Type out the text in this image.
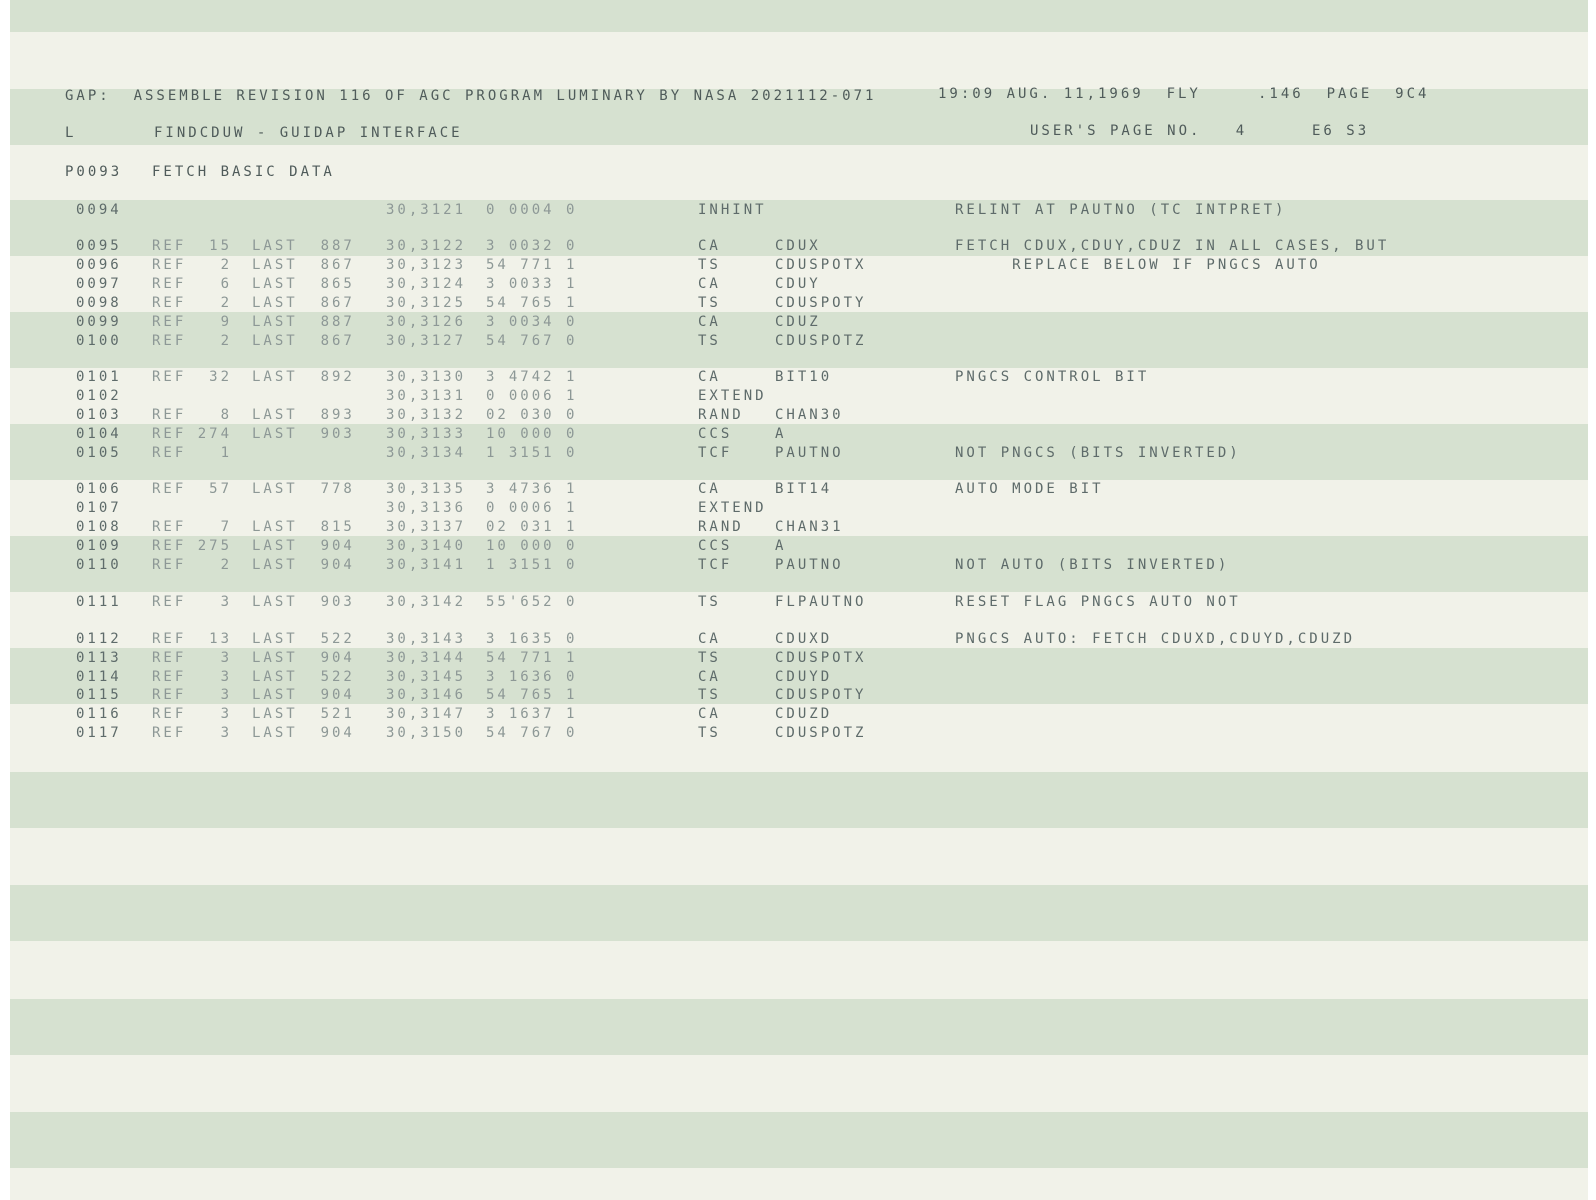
GAP:  ASSEMBLE REVISION 116 OF AGC PROGRAM LUMINARY BY NASA 2021112-071	19:09 AUG. 11,1969  FLY     .146  PAGE  9C4
L	FINDCDUW - GUIDAP INTERFACE	USER'S PAGE NO.   4	E6 S3
P0093 FETCH BASIC DATA
0094	30,3121 0 0004 0	INHINT	RELINT AT PAUTNO (TC INTPRET)
0095 REF  15 LAST  887 30,3122 3 0032 0	CA	CDUX	FETCH CDUX,CDUY,CDUZ IN ALL CASES, BUT
0096 REF   2 LAST  867 30,3123 54 771 1	TS	CDUSPOTX	REPLACE BELOW IF PNGCS AUTO
0097 REF   6 LAST  865 30,3124 3 0033 1	CA	CDUY
0098 REF   2 LAST  867 30,3125 54 765 1	TS	CDUSPOTY
0099 REF   9 LAST  887 30,3126 3 0034 0	CA	CDUZ
0100 REF   2 LAST  867 30,3127 54 767 0	TS	CDUSPOTZ
0101 REF  32 LAST  892 30,3130 3 4742 1	CA	BIT10	PNGCS CONTROL BIT
0102	30,3131 0 0006 1	EXTEND
0103 REF   8 LAST  893 30,3132 02 030 0	RAND CHAN30
0104 REF 274 LAST  903 30,3133 10 000 0	CCS	A
0105 REF   1	30,3134 1 3151 0	TCF	PAUTNO	NOT PNGCS (BITS INVERTED)
0106 REF  57 LAST  778 30,3135 3 4736 1	CA	BIT14	AUTO MODE BIT
0107	30,3136 0 0006 1	EXTEND
0108 REF   7 LAST  815 30,3137 02 031 1	RAND CHAN31
0109 REF 275 LAST  904 30,3140 10 000 0	CCS	A
0110 REF   2 LAST  904 30,3141 1 3151 0	TCF	PAUTNO	NOT AUTO (BITS INVERTED)
0111 REF   3 LAST  903 30,3142 55'652 0	TS	FLPAUTNO	RESET FLAG PNGCS AUTO NOT
0112 REF  13 LAST  522 30,3143 3 1635 0	CA	CDUXD	PNGCS AUTO: FETCH CDUXD,CDUYD,CDUZD
0113 REF   3 LAST  904 30,3144 54 771 1	TS	CDUSPOTX
0114 REF   3 LAST  522 30,3145 3 1636 0	CA	CDUYD
0115 REF   3 LAST  904 30,3146 54 765 1	TS	CDUSPOTY
0116 REF   3 LAST  521 30,3147 3 1637 1	CA	CDUZD
0117 REF   3 LAST  904 30,3150 54 767 0	TS	CDUSPOTZ
